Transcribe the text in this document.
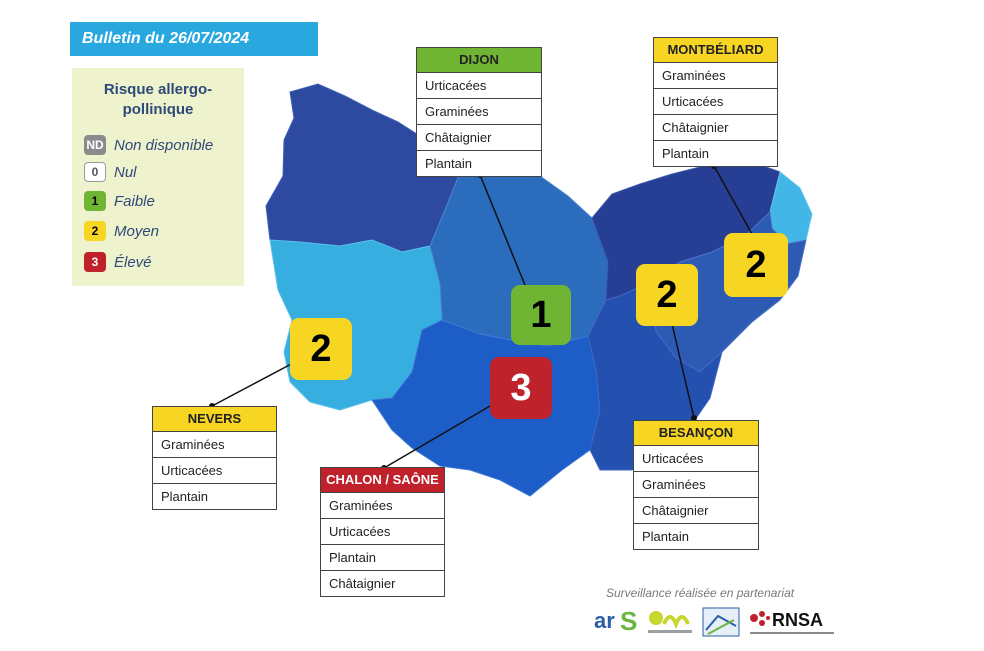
Bulletin du 26/07/2024
Risque allergo-pollinique
ND Non disponible
0	Nul
1	Faible
2	Moyen
3	Élevé
1
2
2
2
3
DIJON
Urticacées
Graminées
Châtaignier
Plantain
MONTBÉLIARD
Graminées
Urticacées
Châtaignier
Plantain
NEVERS
Graminées
Urticacées
Plantain
CHALON / SAÔNE
Graminées
Urticacées
Plantain
Châtaignier
BESANÇON
Urticacées
Graminées
Châtaignier
Plantain
Surveillance réalisée en partenariat
ar S	RNSA
